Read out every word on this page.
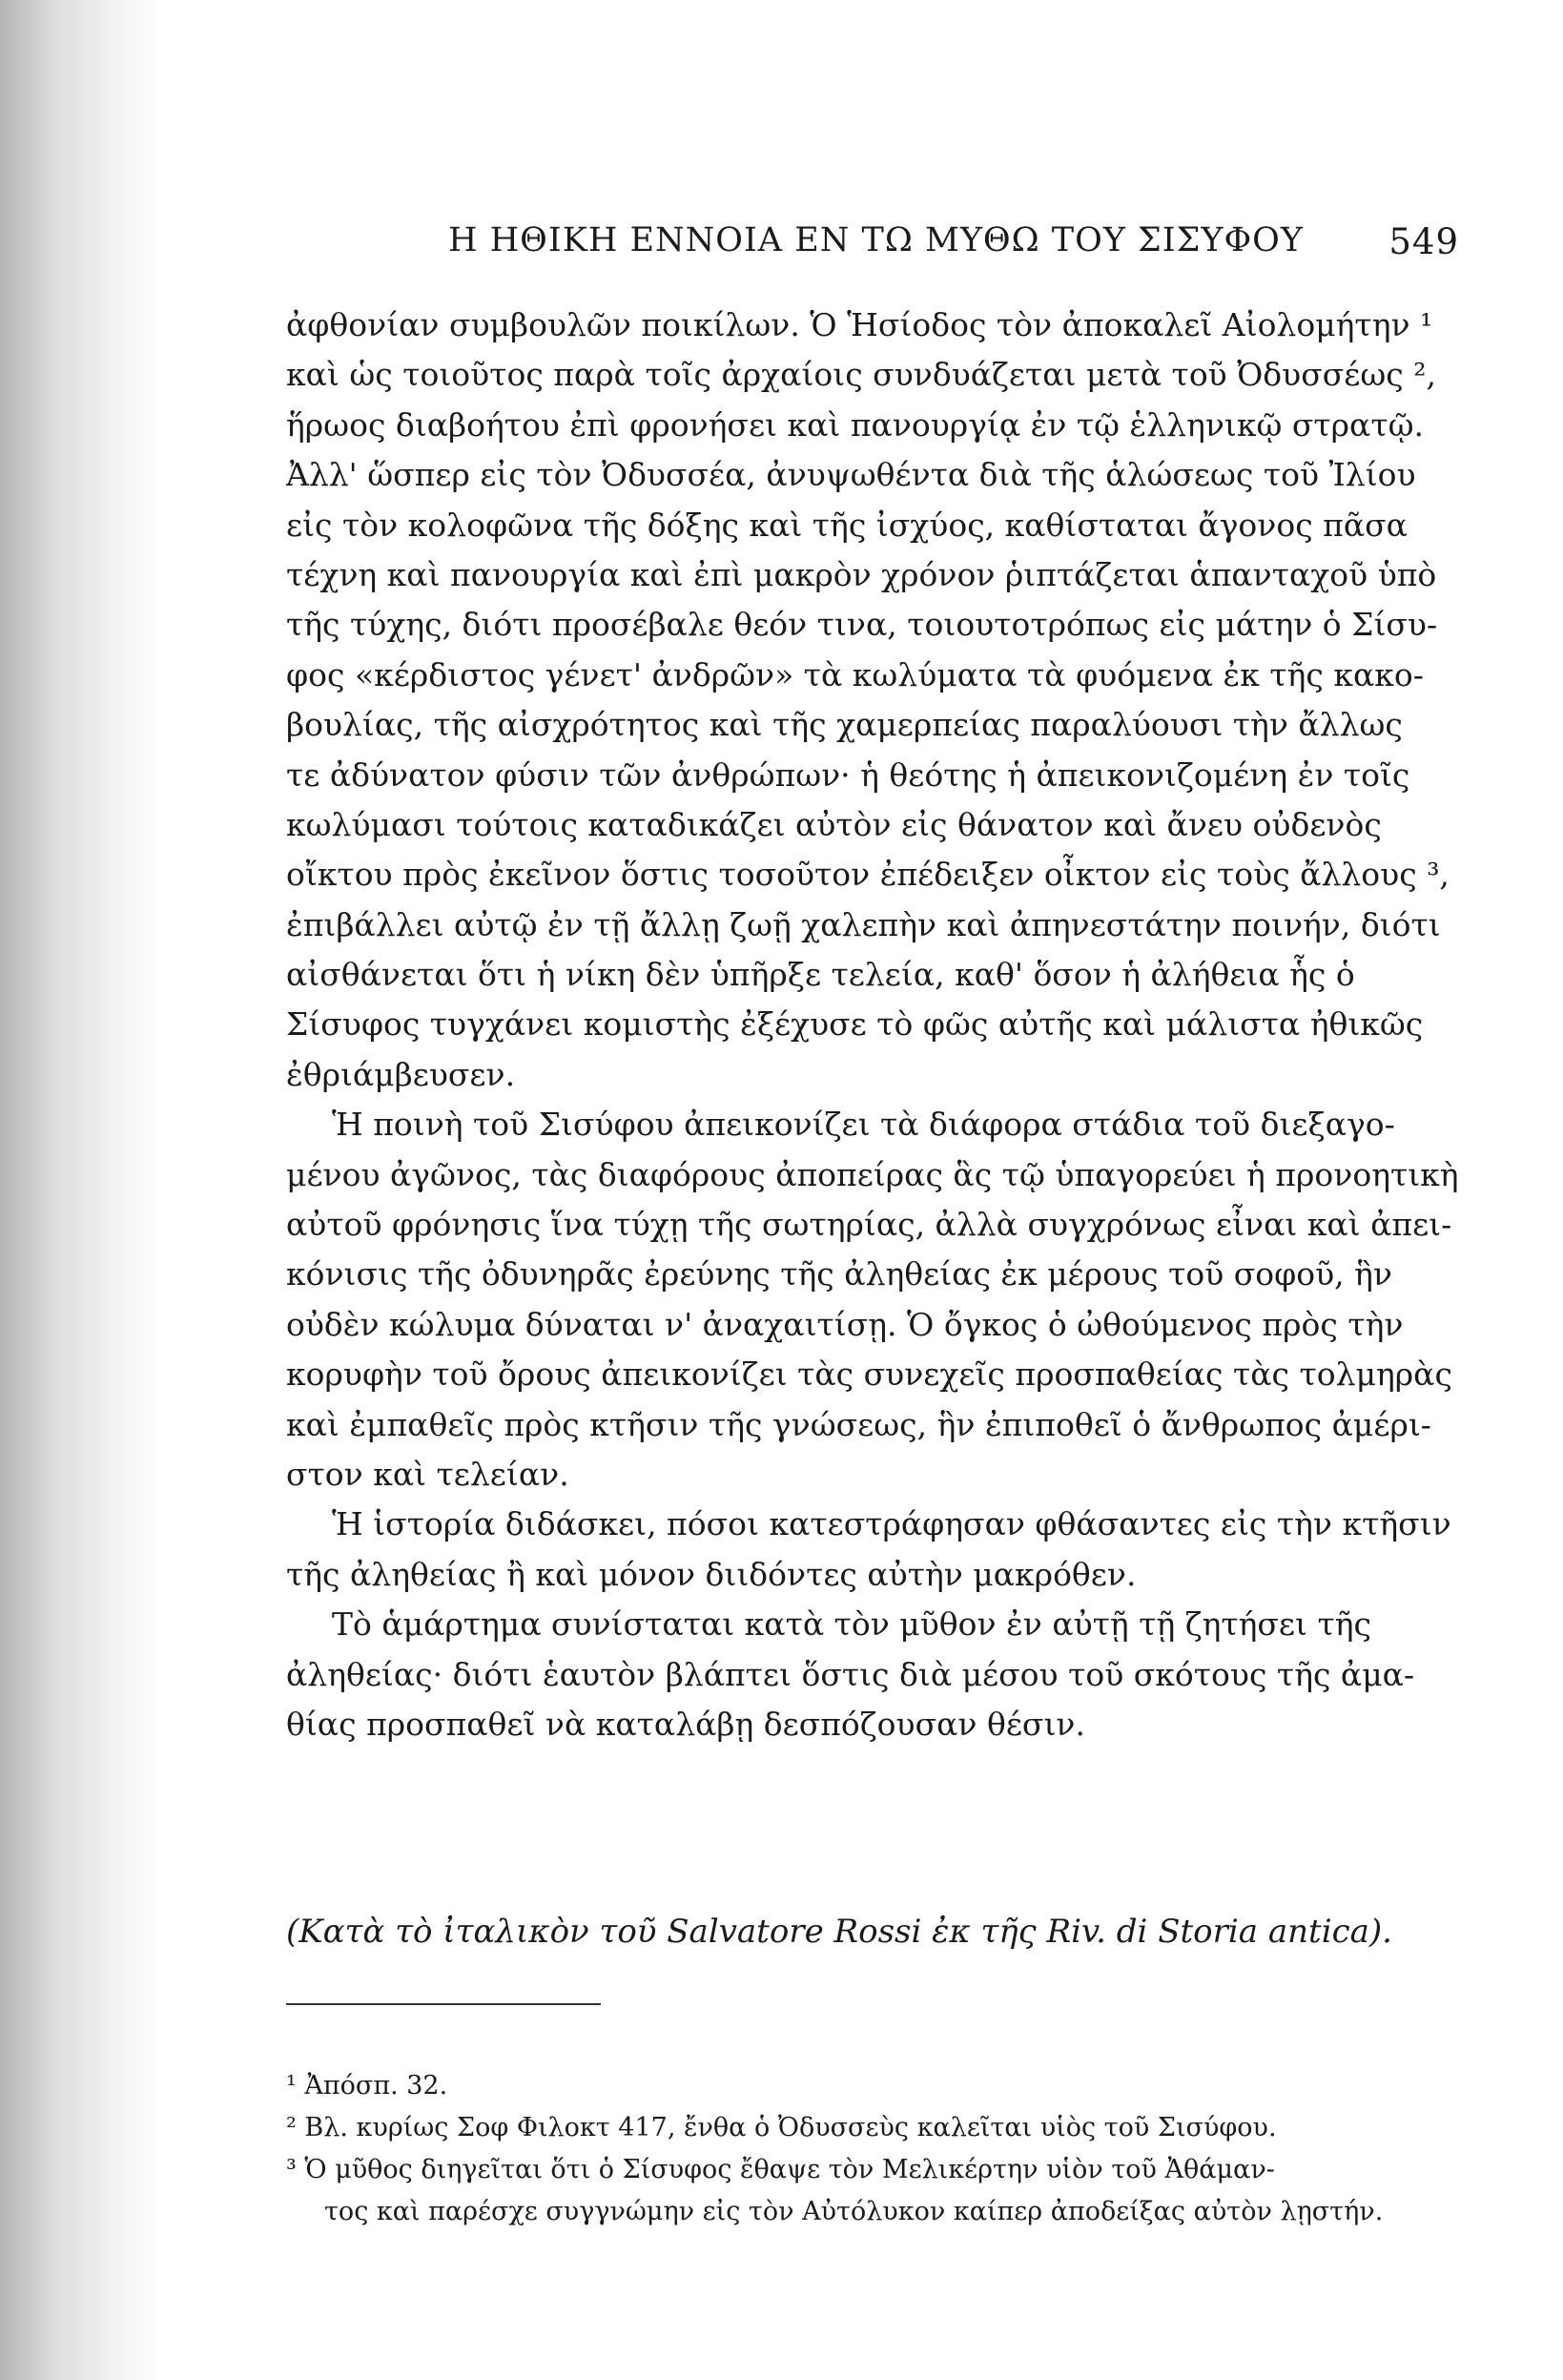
Η ΗΘΙΚΗ ΕΝΝΟΙΑ ΕΝ ΤΩ ΜΥΘΩ ΤΟΥ ΣΙΣΥΦΟΥ 549
ἀφθονίαν συμβουλῶν ποικίλων. Ὁ Ἡσίοδος τὸν ἀποκαλεῖ Αἰολομήτην ¹
καὶ ὡς τοιοῦτος παρὰ τοῖς ἀρχαίοις συνδυάζεται μετὰ τοῦ Ὀδυσσέως ²,
ἥρωος διαβοήτου ἐπὶ φρονήσει καὶ πανουργίᾳ ἐν τῷ ἑλληνικῷ στρατῷ.
Ἀλλ' ὥσπερ εἰς τὸν Ὀδυσσέα, ἀνυψωθέντα διὰ τῆς ἁλώσεως τοῦ Ἰλίου
εἰς τὸν κολοφῶνα τῆς δόξης καὶ τῆς ἰσχύος, καθίσταται ἄγονος πᾶσα
τέχνη καὶ πανουργία καὶ ἐπὶ μακρὸν χρόνον ῥιπτάζεται ἁπανταχοῦ ὑπὸ
τῆς τύχης, διότι προσέβαλε θεόν τινα, τοιουτοτρόπως εἰς μάτην ὁ Σίσυ-
φος «κέρδιστος γένετ' ἀνδρῶν» τὰ κωλύματα τὰ φυόμενα ἐκ τῆς κακο-
βουλίας, τῆς αἰσχρότητος καὶ τῆς χαμερπείας παραλύουσι τὴν ἄλλως
τε ἀδύνατον φύσιν τῶν ἀνθρώπων· ἡ θεότης ἡ ἀπεικονιζομένη ἐν τοῖς
κωλύμασι τούτοις καταδικάζει αὐτὸν εἰς θάνατον καὶ ἄνευ οὐδενὸς
οἴκτου πρὸς ἐκεῖνον ὅστις τοσοῦτον ἐπέδειξεν οἶκτον εἰς τοὺς ἄλλους ³,
ἐπιβάλλει αὐτῷ ἐν τῇ ἄλλῃ ζωῇ χαλεπὴν καὶ ἀπηνεστάτην ποινήν, διότι
αἰσθάνεται ὅτι ἡ νίκη δὲν ὑπῆρξε τελεία, καθ' ὅσον ἡ ἀλήθεια ἧς ὁ
Σίσυφος τυγχάνει κομιστὴς ἐξέχυσε τὸ φῶς αὐτῆς καὶ μάλιστα ἠθικῶς
ἐθριάμβευσεν.
Ἡ ποινὴ τοῦ Σισύφου ἀπεικονίζει τὰ διάφορα στάδια τοῦ διεξαγο-
μένου ἀγῶνος, τὰς διαφόρους ἀποπείρας ἃς τῷ ὑπαγορεύει ἡ προνοητικὴ
αὐτοῦ φρόνησις ἵνα τύχῃ τῆς σωτηρίας, ἀλλὰ συγχρόνως εἶναι καὶ ἀπει-
κόνισις τῆς ὀδυνηρᾶς ἐρεύνης τῆς ἀληθείας ἐκ μέρους τοῦ σοφοῦ, ἣν
οὐδὲν κώλυμα δύναται ν' ἀναχαιτίσῃ. Ὁ ὄγκος ὁ ὠθούμενος πρὸς τὴν
κορυφὴν τοῦ ὄρους ἀπεικονίζει τὰς συνεχεῖς προσπαθείας τὰς τολμηρὰς
καὶ ἐμπαθεῖς πρὸς κτῆσιν τῆς γνώσεως, ἣν ἐπιποθεῖ ὁ ἄνθρωπος ἀμέρι-
στον καὶ τελείαν.
Ἡ ἱστορία διδάσκει, πόσοι κατεστράφησαν φθάσαντες εἰς τὴν κτῆσιν
τῆς ἀληθείας ἢ καὶ μόνον διιδόντες αὐτὴν μακρόθεν.
Τὸ ἁμάρτημα συνίσταται κατὰ τὸν μῦθον ἐν αὐτῇ τῇ ζητήσει τῆς
ἀληθείας· διότι ἑαυτὸν βλάπτει ὅστις διὰ μέσου τοῦ σκότους τῆς ἀμα-
θίας προσπαθεῖ νὰ καταλάβῃ δεσπόζουσαν θέσιν.
(Κατὰ τὸ ἰταλικὸν τοῦ Salvatore Rossi ἐκ τῆς Riv. di Storia antica).
¹ Ἀπόσπ. 32.
² Βλ. κυρίως Σοφ Φιλοκτ 417, ἔνθα ὁ Ὀδυσσεὺς καλεῖται υἱὸς τοῦ Σισύφου.
³ Ὁ μῦθος διηγεῖται ὅτι ὁ Σίσυφος ἔθαψε τὸν Μελικέρτην υἱὸν τοῦ Ἀθάμαν-
τος καὶ παρέσχε συγγνώμην εἰς τὸν Αὐτόλυκον καίπερ ἀποδείξας αὐτὸν λῃστήν.
